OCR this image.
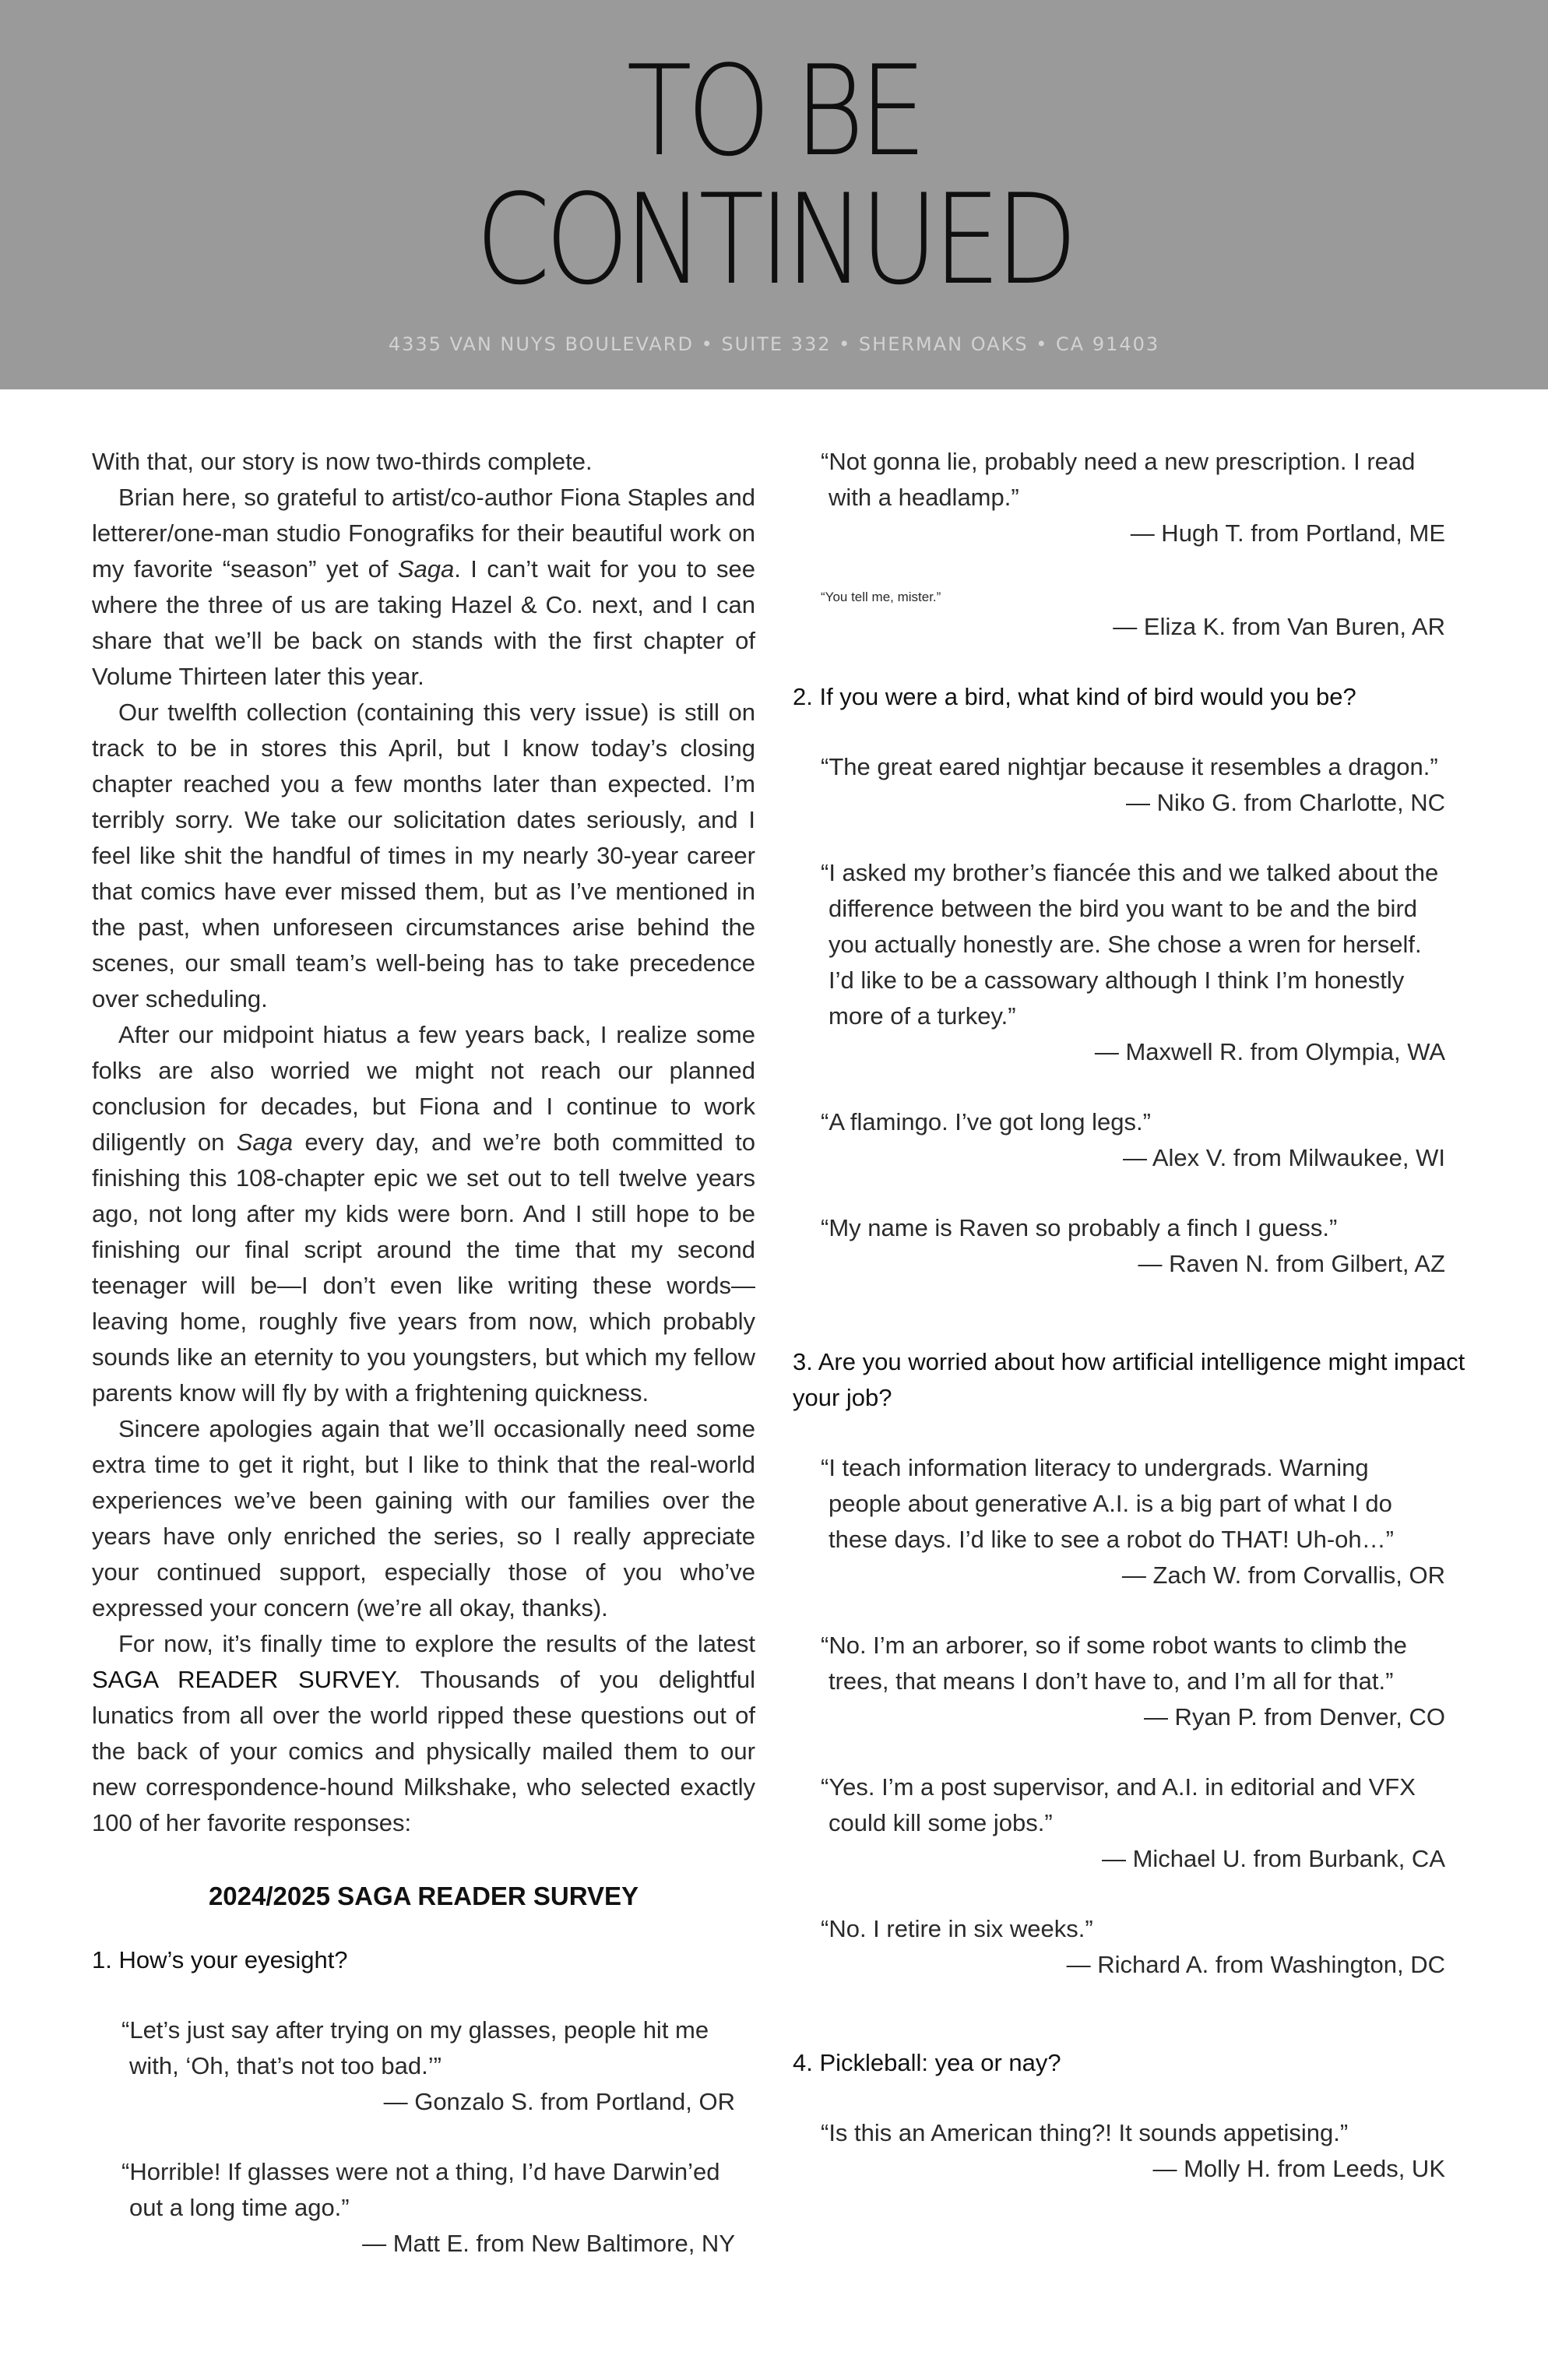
TO BE
CONTINUED
4335 VAN NUYS BOULEVARD • SUITE 332 • SHERMAN OAKS • CA 91403

With that, our story is now two-thirds complete.

Brian here, so grateful to artist/co-author Fiona Staples and letterer/one-man studio Fonografiks for their beautiful work on my favorite “season” yet of Saga. I can’t wait for you to see where the three of us are taking Hazel & Co. next, and I can share that we’ll be back on stands with the first chapter of Volume Thirteen later this year.

Our twelfth collection (containing this very issue) is still on track to be in stores this April, but I know today’s closing chapter reached you a few months later than expected. I’m terribly sorry. We take our solicitation dates seriously, and I feel like shit the handful of times in my nearly 30-year career that comics have ever missed them, but as I’ve mentioned in the past, when unforeseen circumstances arise behind the scenes, our small team’s well-being has to take precedence over scheduling.

After our midpoint hiatus a few years back, I realize some folks are also worried we might not reach our planned conclusion for decades, but Fiona and I continue to work diligently on Saga every day, and we’re both committed to finishing this 108-chapter epic we set out to tell twelve years ago, not long after my kids were born. And I still hope to be finishing our final script around the time that my second teenager will be—I don’t even like writing these words—leaving home, roughly five years from now, which probably sounds like an eternity to you youngsters, but which my fellow parents know will fly by with a frightening quickness.

Sincere apologies again that we’ll occasionally need some extra time to get it right, but I like to think that the real-world experiences we’ve been gaining with our families over the years have only enriched the series, so I really appreciate your continued support, especially those of you who’ve expressed your concern (we’re all okay, thanks).

For now, it’s finally time to explore the results of the latest SAGA READER SURVEY. Thousands of you delightful lunatics from all over the world ripped these questions out of the back of your comics and physically mailed them to our new correspondence-hound Milkshake, who selected exactly 100 of her favorite responses:

2024/2025 SAGA READER SURVEY
1. How’s your eyesight?
“Let’s just say after trying on my glasses, people hit me with, ‘Oh, that’s not too bad.’”
— Gonzalo S. from Portland, OR
“Horrible! If glasses were not a thing, I’d have Darwin’ed out a long time ago.”
— Matt E. from New Baltimore, NY
“Not gonna lie, probably need a new prescription. I read with a headlamp.”
— Hugh T. from Portland, ME
“You tell me, mister.”
— Eliza K. from Van Buren, AR
2. If you were a bird, what kind of bird would you be?
“The great eared nightjar because it resembles a dragon.”
— Niko G. from Charlotte, NC
“I asked my brother’s fiancée this and we talked about the difference between the bird you want to be and the bird you actually honestly are. She chose a wren for herself. I’d like to be a cassowary although I think I’m honestly more of a turkey.”
— Maxwell R. from Olympia, WA
“A flamingo. I’ve got long legs.”
— Alex V. from Milwaukee, WI
“My name is Raven so probably a finch I guess.”
— Raven N. from Gilbert, AZ
3. Are you worried about how artificial intelligence might impact your job?
“I teach information literacy to undergrads. Warning people about generative A.I. is a big part of what I do these days. I’d like to see a robot do THAT! Uh-oh…”
— Zach W. from Corvallis, OR
“No. I’m an arborer, so if some robot wants to climb the trees, that means I don’t have to, and I’m all for that.”
— Ryan P. from Denver, CO
“Yes. I’m a post supervisor, and A.I. in editorial and VFX could kill some jobs.”
— Michael U. from Burbank, CA
“No. I retire in six weeks.”
— Richard A. from Washington, DC
4. Pickleball: yea or nay?
“Is this an American thing?! It sounds appetising.”
— Molly H. from Leeds, UK
